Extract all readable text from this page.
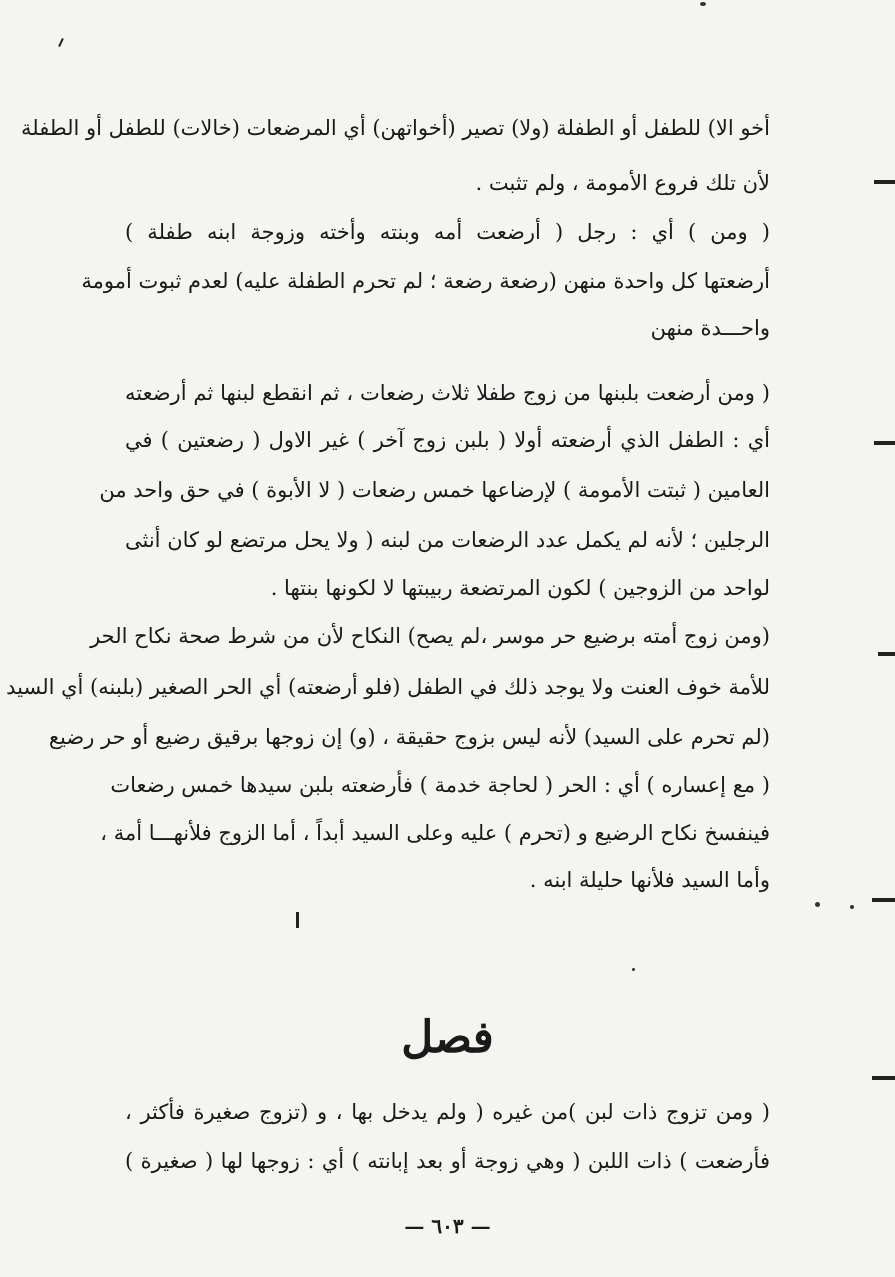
أخو الا) للطفل أو الطفلة (ولا) تصير (أخواتهن) أي المرضعات (خالات) للطفل أو الطفلة
لأن تلك فروع الأمومة ، ولم تثبت .
( ومن ) أي : رجل ( أرضعت أمه وبنته وأخته وزوجة ابنه طفلة )
أرضعتها كل واحدة منهن (رضعة رضعة ؛ لم تحرم الطفلة عليه) لعدم ثبوت أمومة
واحـــدة منهن
( ومن أرضعت بلبنها من زوج طفلا ثلاث رضعات ، ثم انقطع لبنها ثم أرضعته
أي : الطفل الذي أرضعته أولا ( بلبن زوج آخر ) غير الاول ( رضعتين ) في
العامين ( ثبتت الأمومة ) لإرضاعها خمس رضعات ( لا الأبوة ) في حق واحد من
الرجلين ؛ لأنه لم يكمل عدد الرضعات من لبنه ( ولا يحل مرتضع لو كان أنثى
لواحد من الزوجين ) لكون المرتضعة ربيبتها لا لكونها بنتها .
(ومن زوج أمته برضيع حر موسر ،لم يصح) النكاح لأن من شرط صحة نكاح الحر
للأمة خوف العنت ولا يوجد ذلك في الطفل (فلو أرضعته) أي الحر الصغير (بلبنه) أي السيد
(لم تحرم على السيد) لأنه ليس بزوج حقيقة ، (و) إن زوجها برقيق رضيع أو حر رضيع
( مع إعساره ) أي : الحر ( لحاجة خدمة ) فأرضعته بلبن سيدها خمس رضعات
فينفسخ نكاح الرضيع و (تحرم ) عليه وعلى السيد أبداً ، أما الزوج فلأنهـــا أمة ،
وأما السيد فلأنها حليلة ابنه .
فصل
( ومن تزوج ذات لبن )من غيره ( ولم يدخل بها ، و (تزوج صغيرة فأكثر ،
فأرضعت ) ذات اللبن ( وهي زوجة أو بعد إبانته ) أي : زوجها لها ( صغيرة )
— ٦٠٣ —
